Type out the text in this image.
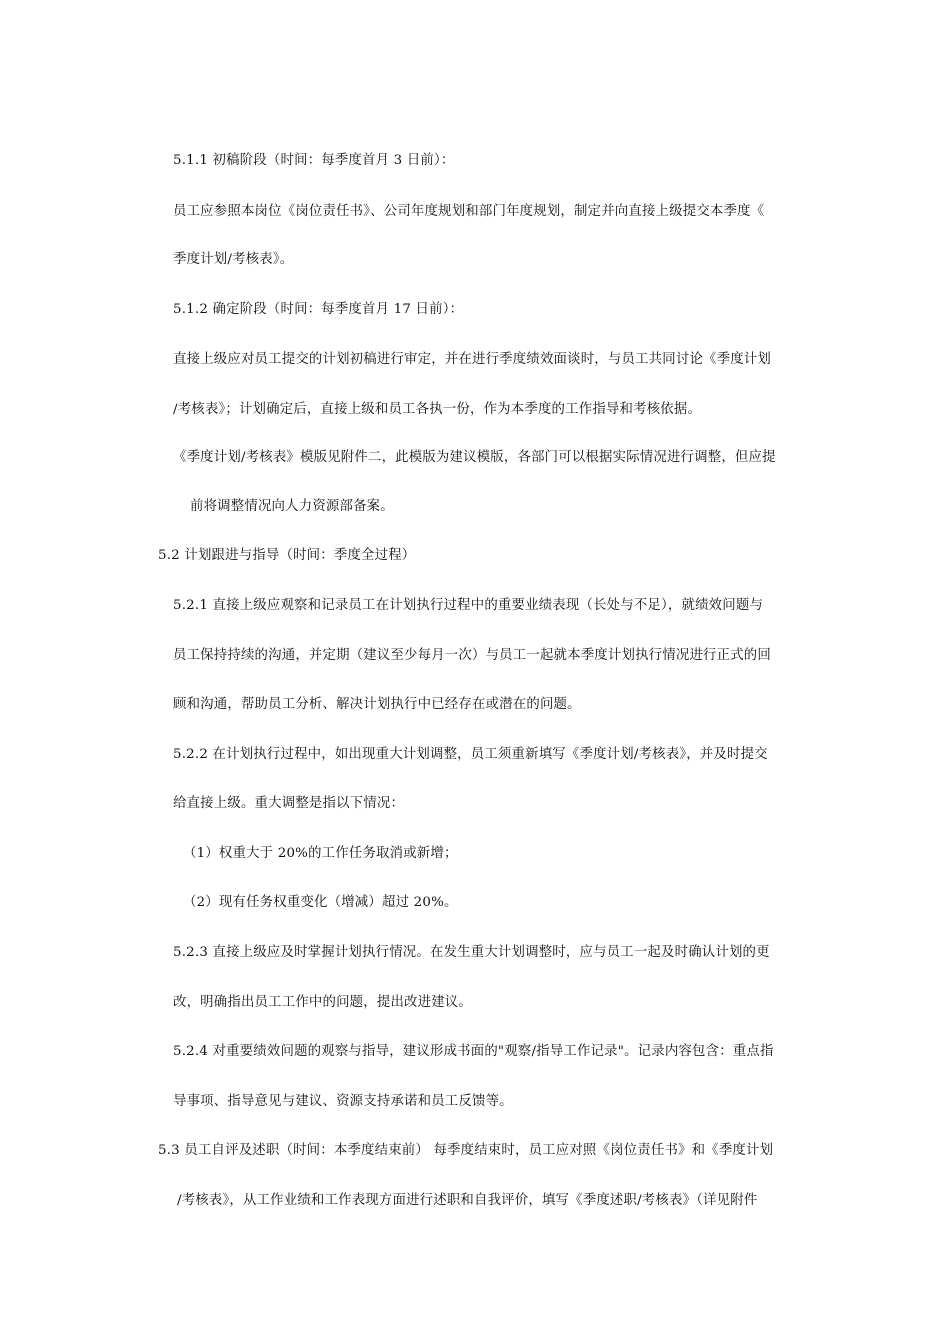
5.1.1 初稿阶段（时间：每季度首月 3 日前）：
员工应参照本岗位《岗位责任书》、公司年度规划和部门年度规划，制定并向直接上级提交本季度《
季度计划/考核表》。
5.1.2 确定阶段（时间：每季度首月 17 日前）：
直接上级应对员工提交的计划初稿进行审定，并在进行季度绩效面谈时，与员工共同讨论《季度计划
/考核表》；计划确定后，直接上级和员工各执一份，作为本季度的工作指导和考核依据。
《季度计划/考核表》模版见附件二，此模版为建议模版，各部门可以根据实际情况进行调整，但应提
前将调整情况向人力资源部备案。
5.2 计划跟进与指导（时间：季度全过程）
5.2.1 直接上级应观察和记录员工在计划执行过程中的重要业绩表现（长处与不足），就绩效问题与
员工保持持续的沟通，并定期（建议至少每月一次）与员工一起就本季度计划执行情况进行正式的回
顾和沟通，帮助员工分析、解决计划执行中已经存在或潜在的问题。
5.2.2 在计划执行过程中，如出现重大计划调整，员工须重新填写《季度计划/考核表》，并及时提交
给直接上级。重大调整是指以下情况：
（1）权重大于 20%的工作任务取消或新增；
（2）现有任务权重变化（增减）超过 20%。
5.2.3 直接上级应及时掌握计划执行情况。在发生重大计划调整时，应与员工一起及时确认计划的更
改，明确指出员工工作中的问题，提出改进建议。
5.2.4 对重要绩效问题的观察与指导，建议形成书面的"观察/指导工作记录"。记录内容包含：重点指
导事项、指导意见与建议、资源支持承诺和员工反馈等。
5.3 员工自评及述职（时间：本季度结束前） 每季度结束时，员工应对照《岗位责任书》和《季度计划
/考核表》，从工作业绩和工作表现方面进行述职和自我评价，填写《季度述职/考核表》（详见附件
